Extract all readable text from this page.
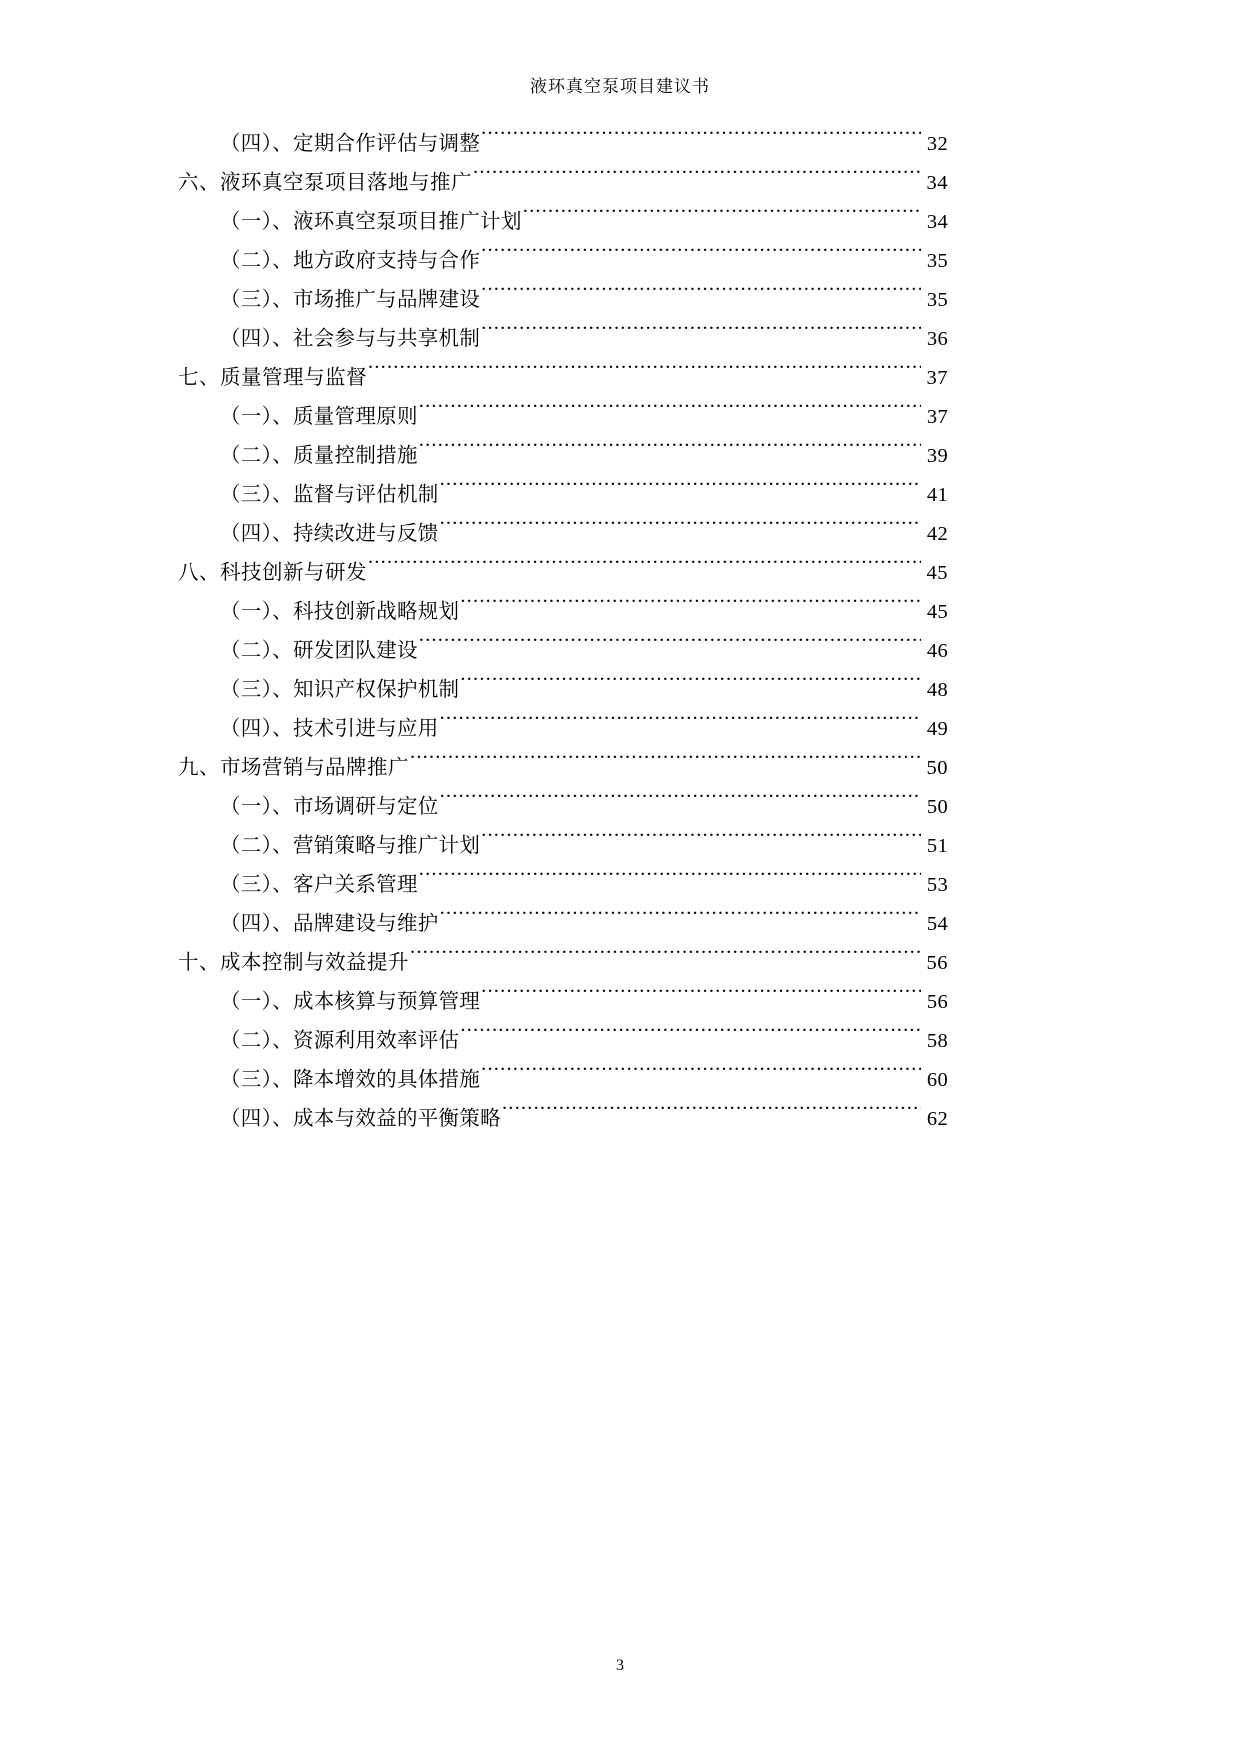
液环真空泵项目建议书
（四）、定期合作评估与调整 .....	32
六、液环真空泵项目落地与推广 .....	34
（一）、液环真空泵项目推广计划 .....	34
（二）、地方政府支持与合作 .....	35
（三）、市场推广与品牌建设 .....	35
（四）、社会参与与共享机制 .....	36
七、质量管理与监督 .....	37
（一）、质量管理原则 .....	37
（二）、质量控制措施 .....	39
（三）、监督与评估机制 .....	41
（四）、持续改进与反馈 .....	42
八、科技创新与研发 .....	45
（一）、科技创新战略规划 .....	45
（二）、研发团队建设 .....	46
（三）、知识产权保护机制 .....	48
（四）、技术引进与应用 .....	49
九、市场营销与品牌推广 .....	50
（一）、市场调研与定位 .....	50
（二）、营销策略与推广计划 .....	51
（三）、客户关系管理 .....	53
（四）、品牌建设与维护 .....	54
十、成本控制与效益提升 .....	56
（一）、成本核算与预算管理 .....	56
（二）、资源利用效率评估 .....	58
（三）、降本增效的具体措施 .....	60
（四）、成本与效益的平衡策略 .....	62
3
